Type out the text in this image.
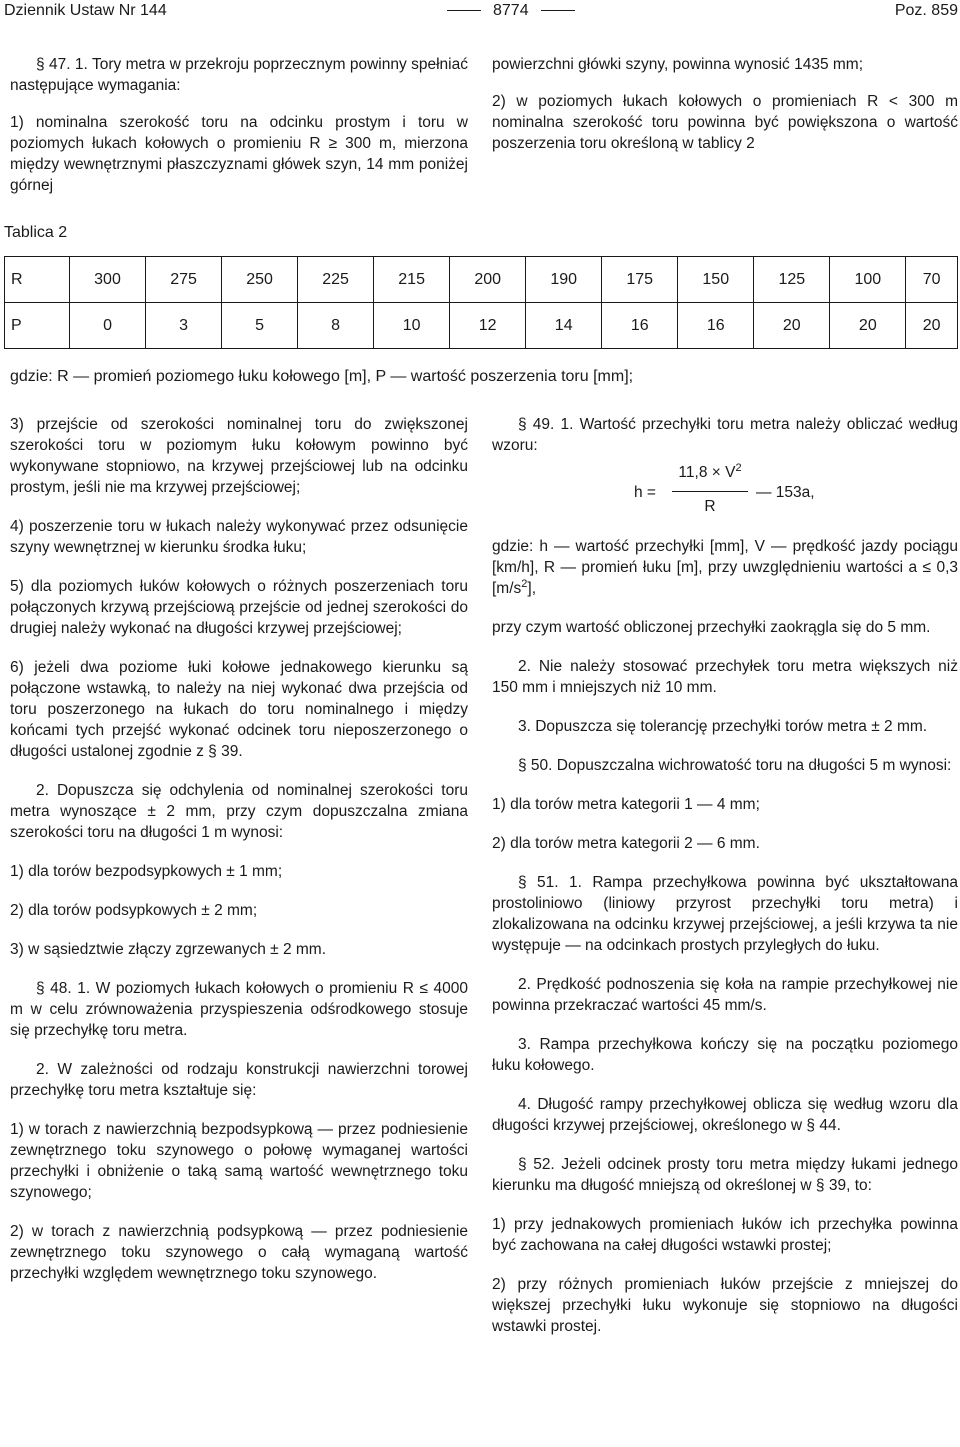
Dziennik Ustaw Nr 144	8774	Poz. 859

§ 47. 1. Tory metra w przekroju poprzecznym powinny spełniać następujące wymagania:

1) nominalna szerokość toru na odcinku prostym i toru w poziomych łukach kołowych o promieniu R ≥ 300 m, mierzona między wewnętrznymi płaszczyznami główek szyn, 14 mm poniżej górnej

powierzchni główki szyny, powinna wynosić 1435 mm;

2) w poziomych łukach kołowych o promieniach R < 300 m nominalna szerokość toru powinna być powiększona o wartość poszerzenia toru określoną w tablicy 2

Tablica 2
R	300	275	250	225	215	200	190	175	150	125	100	70
P	0	3	5	8	10	12	14	16	16	20	20	20
gdzie: R — promień poziomego łuku kołowego [m], P — wartość poszerzenia toru [mm];

3) przejście od szerokości nominalnej toru do zwiększonej szerokości toru w poziomym łuku kołowym powinno być wykonywane stopniowo, na krzywej przejściowej lub na odcinku prostym, jeśli nie ma krzywej przejściowej;

4) poszerzenie toru w łukach należy wykonywać przez odsunięcie szyny wewnętrznej w kierunku środka łuku;

5) dla poziomych łuków kołowych o różnych poszerzeniach toru połączonych krzywą przejściową przejście od jednej szerokości do drugiej należy wykonać na długości krzywej przejściowej;

6) jeżeli dwa poziome łuki kołowe jednakowego kierunku są połączone wstawką, to należy na niej wykonać dwa przejścia od toru poszerzonego na łukach do toru nominalnego i między końcami tych przejść wykonać odcinek toru nieposzerzonego o długości ustalonej zgodnie z § 39.

2. Dopuszcza się odchylenia od nominalnej szerokości toru metra wynoszące ± 2 mm, przy czym dopuszczalna zmiana szerokości toru na długości 1 m wynosi:

1) dla torów bezpodsypkowych ± 1 mm;

2) dla torów podsypkowych ± 2 mm;

3) w sąsiedztwie złączy zgrzewanych ± 2 mm.

§ 48. 1. W poziomych łukach kołowych o promieniu R ≤ 4000 m w celu zrównoważenia przyspieszenia odśrodkowego stosuje się przechyłkę toru metra.

2. W zależności od rodzaju konstrukcji nawierzchni torowej przechyłkę toru metra kształtuje się:

1) w torach z nawierzchnią bezpodsypkową — przez podniesienie zewnętrznego toku szynowego o połowę wymaganej wartości przechyłki i obniżenie o taką samą wartość wewnętrznego toku szynowego;

2) w torach z nawierzchnią podsypkową — przez podniesienie zewnętrznego toku szynowego o całą wymaganą wartość przechyłki względem wewnętrznego toku szynowego.

§ 49. 1. Wartość przechyłki toru metra należy obliczać według wzoru:

h =
$11,8 \times V^2$
R
— 153a,

gdzie: h — wartość przechyłki [mm], V — prędkość jazdy pociągu [km/h], R — promień łuku [m], przy uwzględnieniu wartości a ≤ 0,3 $[m/s^2]$,

przy czym wartość obliczonej przechyłki zaokrągla się do 5 mm.

2. Nie należy stosować przechyłek toru metra większych niż 150 mm i mniejszych niż 10 mm.

3. Dopuszcza się tolerancję przechyłki torów metra ± 2 mm.

§ 50. Dopuszczalna wichrowatość toru na długości 5 m wynosi:

1) dla torów metra kategorii 1 — 4 mm;

2) dla torów metra kategorii 2 — 6 mm.

§ 51. 1. Rampa przechyłkowa powinna być ukształtowana prostoliniowo (liniowy przyrost przechyłki toru metra) i zlokalizowana na odcinku krzywej przejściowej, a jeśli krzywa ta nie występuje — na odcinkach prostych przyległych do łuku.

2. Prędkość podnoszenia się koła na rampie przechyłkowej nie powinna przekraczać wartości 45 mm/s.

3. Rampa przechyłkowa kończy się na początku poziomego łuku kołowego.

4. Długość rampy przechyłkowej oblicza się według wzoru dla długości krzywej przejściowej, określonego w § 44.

§ 52. Jeżeli odcinek prosty toru metra między łukami jednego kierunku ma długość mniejszą od określonej w § 39, to:

1) przy jednakowych promieniach łuków ich przechyłka powinna być zachowana na całej długości wstawki prostej;

2) przy różnych promieniach łuków przejście z mniejszej do większej przechyłki łuku wykonuje się stopniowo na długości wstawki prostej.
